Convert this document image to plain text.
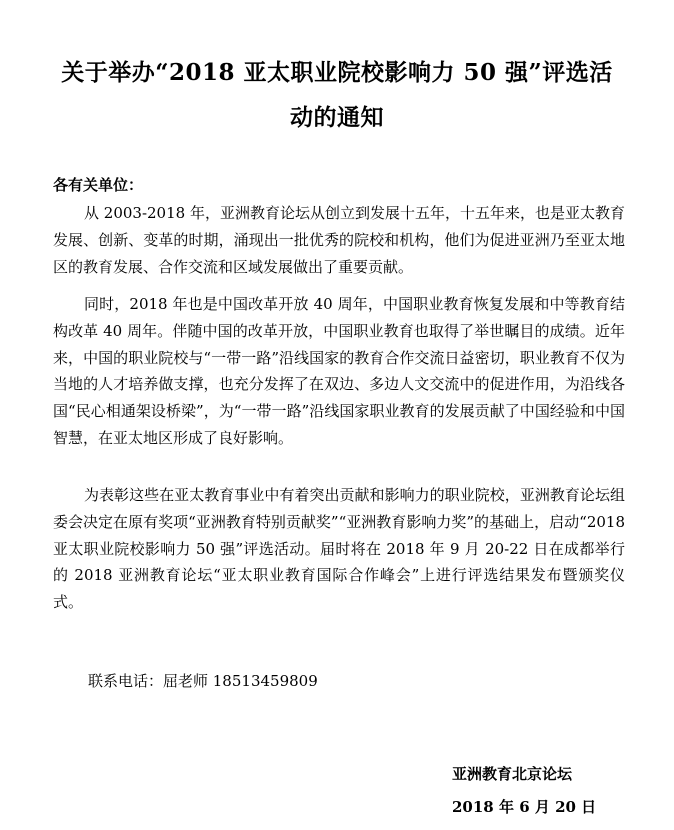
关于举办“2018 亚太职业院校影响力 50 强”评选活
动的通知
各有关单位：

从 2003-2018 年，亚洲教育论坛从创立到发展十五年，十五年来，也是亚太教育发展、创新、变革的时期，涌现出一批优秀的院校和机构，他们为促进亚洲乃至亚太地区的教育发展、合作交流和区域发展做出了重要贡献。

同时，2018 年也是中国改革开放 40 周年，中国职业教育恢复发展和中等教育结构改革 40 周年。伴随中国的改革开放，中国职业教育也取得了举世瞩目的成绩。近年来，中国的职业院校与“一带一路”沿线国家的教育合作交流日益密切，职业教育不仅为当地的人才培养做支撑，也充分发挥了在双边、多边人文交流中的促进作用，为沿线各国“民心相通架设桥梁”，为“一带一路”沿线国家职业教育的发展贡献了中国经验和中国智慧，在亚太地区形成了良好影响。

为表彰这些在亚太教育事业中有着突出贡献和影响力的职业院校，亚洲教育论坛组委会决定在原有奖项“亚洲教育特别贡献奖”“亚洲教育影响力奖”的基础上，启动“2018 亚太职业院校影响力 50 强”评选活动。届时将在 2018 年 9 月 20-22 日在成都举行的 2018 亚洲教育论坛“亚太职业教育国际合作峰会”上进行评选结果发布暨颁奖仪式。

联系电话：屈老师 18513459809
亚洲教育北京论坛
2018 年 6 月 20 日
